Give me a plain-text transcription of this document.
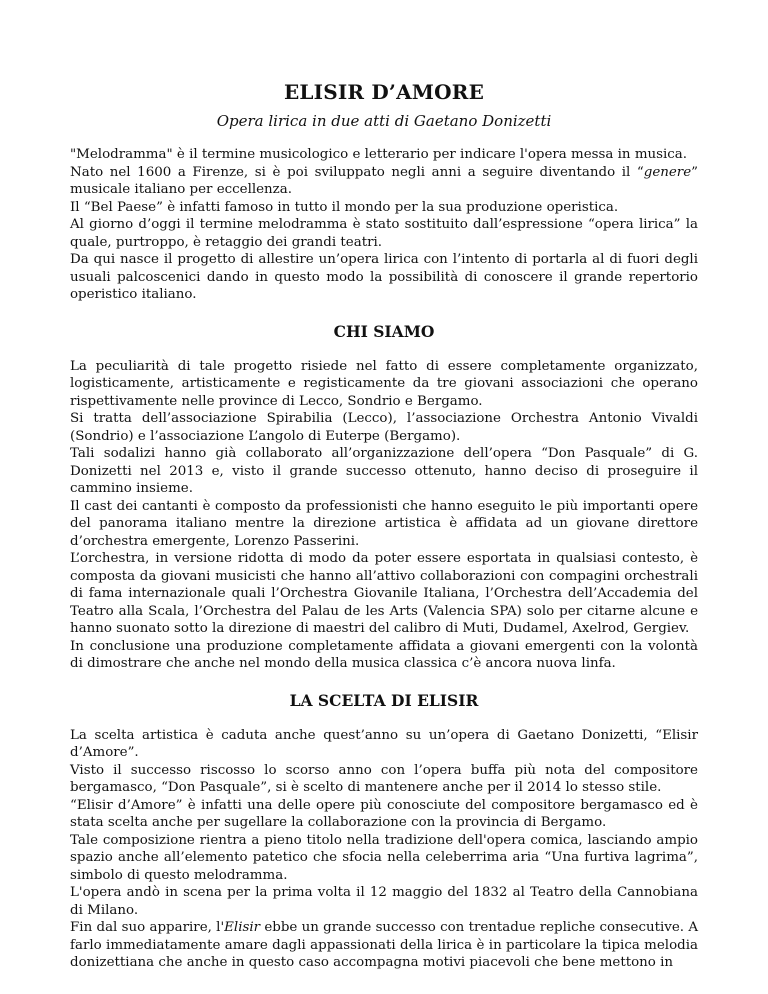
ELISIR D’AMORE

Opera lirica in due atti di Gaetano Donizetti

"Melodramma" è il termine musicologico e letterario per indicare l'opera messa in musica.

Nato nel 1600 a Firenze, si è poi sviluppato negli anni a seguire diventando il “genere” musicale italiano per eccellenza.

Il “Bel Paese” è infatti famoso in tutto il mondo per la sua produzione operistica.

Al giorno d’oggi il termine melodramma è stato sostituito dall’espressione “opera lirica” la quale, purtroppo, è retaggio dei grandi teatri.

Da qui nasce il progetto di allestire un’opera lirica con l’intento di portarla al di fuori degli usuali palcoscenici dando in questo modo la possibilità di conoscere il grande repertorio operistico italiano.

CHI SIAMO

La peculiarità di tale progetto risiede nel fatto di essere completamente organizzato, logisticamente, artisticamente e registicamente da tre giovani associazioni che operano rispettivamente nelle province di Lecco, Sondrio e Bergamo.

Si tratta dell’associazione Spirabilia (Lecco), l’associazione Orchestra Antonio Vivaldi (Sondrio) e l’associazione L’angolo di Euterpe (Bergamo).

Tali sodalizi hanno già collaborato all’organizzazione dell’opera “Don Pasquale” di G. Donizetti nel 2013 e, visto il grande successo ottenuto, hanno deciso di proseguire il cammino insieme.

Il cast dei cantanti è composto da professionisti che hanno eseguito le più importanti opere del panorama italiano mentre la direzione artistica è affidata ad un giovane direttore d’orchestra emergente, Lorenzo Passerini.

L’orchestra, in versione ridotta di modo da poter essere esportata in qualsiasi contesto, è composta da giovani musicisti che hanno all’attivo collaborazioni con compagini orchestrali di fama internazionale quali l’Orchestra Giovanile Italiana, l’Orchestra dell’Accademia del Teatro alla Scala, l’Orchestra del Palau de les Arts (Valencia SPA) solo per citarne alcune e hanno suonato sotto la direzione di maestri del calibro di Muti, Dudamel, Axelrod, Gergiev.

In conclusione una produzione completamente affidata a giovani emergenti con la volontà di dimostrare che anche nel mondo della musica classica c’è ancora nuova linfa.

LA SCELTA DI ELISIR

La scelta artistica è caduta anche quest’anno su un’opera di Gaetano Donizetti, “Elisir d’Amore”.

Visto il successo riscosso lo scorso anno con l’opera buffa più nota del compositore bergamasco, “Don Pasquale”, si è scelto di mantenere anche per il 2014 lo stesso stile.

“Elisir d’Amore” è infatti una delle opere più conosciute del compositore bergamasco ed è stata scelta anche per sugellare la collaborazione con la provincia di Bergamo.

Tale composizione rientra a pieno titolo nella tradizione dell'opera comica, lasciando ampio spazio anche all’elemento patetico che sfocia nella celeberrima aria “Una furtiva lagrima”, simbolo di questo melodramma.

L'opera andò in scena per la prima volta il 12 maggio del 1832 al Teatro della Cannobiana di Milano.

Fin dal suo apparire, l'Elisir ebbe un grande successo con trentadue repliche consecutive. A farlo immediatamente amare dagli appassionati della lirica è in particolare la tipica melodia donizettiana che anche in questo caso accompagna motivi piacevoli che bene mettono in
